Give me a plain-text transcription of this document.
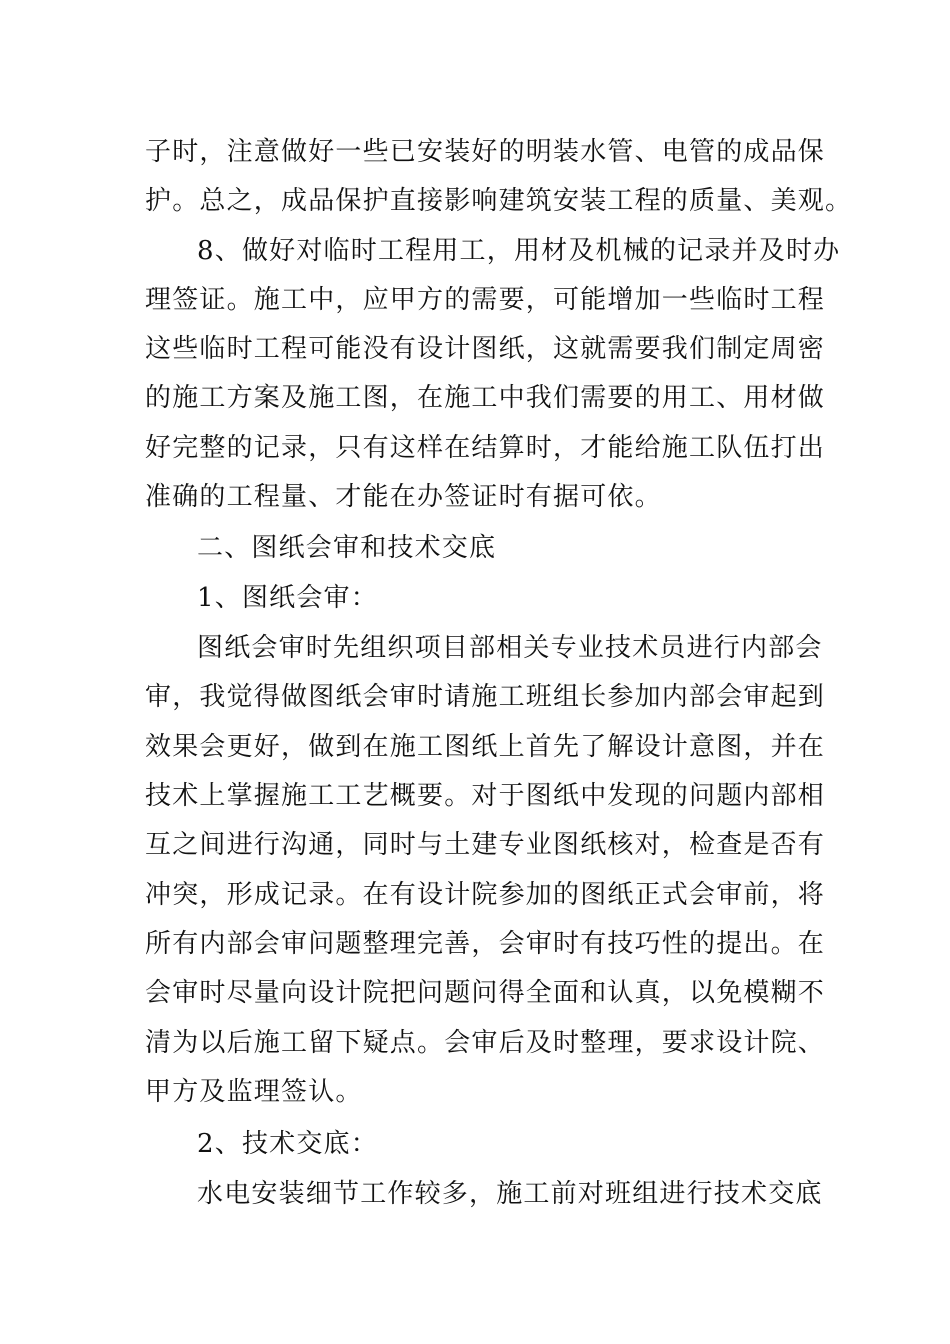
子时，注意做好一些已安装好的明装水管、电管的成品保
护。总之，成品保护直接影响建筑安装工程的质量、美观。
8、做好对临时工程用工，用材及机械的记录并及时办
理签证。施工中，应甲方的需要，可能增加一些临时工程
这些临时工程可能没有设计图纸，这就需要我们制定周密
的施工方案及施工图，在施工中我们需要的用工、用材做
好完整的记录，只有这样在结算时，才能给施工队伍打出
准确的工程量、才能在办签证时有据可依。
二、图纸会审和技术交底
1、图纸会审：
图纸会审时先组织项目部相关专业技术员进行内部会
审，我觉得做图纸会审时请施工班组长参加内部会审起到
效果会更好，做到在施工图纸上首先了解设计意图，并在
技术上掌握施工工艺概要。对于图纸中发现的问题内部相
互之间进行沟通，同时与土建专业图纸核对，检查是否有
冲突，形成记录。在有设计院参加的图纸正式会审前，将
所有内部会审问题整理完善，会审时有技巧性的提出。在
会审时尽量向设计院把问题问得全面和认真，以免模糊不
清为以后施工留下疑点。会审后及时整理，要求设计院、
甲方及监理签认。
2、技术交底：
水电安装细节工作较多，施工前对班组进行技术交底
